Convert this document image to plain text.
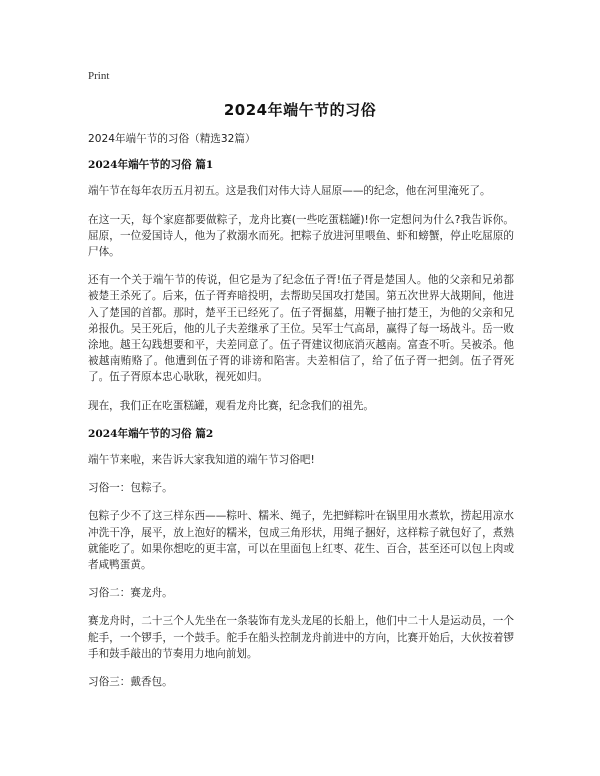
Print
2024年端午节的习俗

2024年端午节的习俗（精选32篇）

2024年端午节的习俗 篇1

端午节在每年农历五月初五。这是我们对伟大诗人屈原——的纪念，他在河里淹死了。

在这一天，每个家庭都要做粽子，龙舟比赛(一些吃蛋糕罐)!你一定想问为什么?我告诉你。屈原，一位爱国诗人，他为了救溺水而死。把粽子放进河里喂鱼、虾和螃蟹，停止吃屈原的尸体。

还有一个关于端午节的传说，但它是为了纪念伍子胥!伍子胥是楚国人。他的父亲和兄弟都被楚王杀死了。后来，伍子胥弃暗投明，去帮助吴国攻打楚国。第五次世界大战期间，他进入了楚国的首都。那时，楚平王已经死了。伍子胥掘墓，用鞭子抽打楚王，为他的父亲和兄弟报仇。吴王死后，他的儿子夫差继承了王位。吴军士气高昂，赢得了每一场战斗。岳一败涂地。越王勾践想要和平，夫差同意了。伍子胥建议彻底消灭越南。富查不听。吴被杀。他被越南贿赂了。他遭到伍子胥的诽谤和陷害。夫差相信了，给了伍子胥一把剑。伍子胥死了。伍子胥原本忠心耿耿，视死如归。

现在，我们正在吃蛋糕罐，观看龙舟比赛，纪念我们的祖先。

2024年端午节的习俗 篇2

端午节来啦，来告诉大家我知道的端午节习俗吧!

习俗一：包粽子。

包粽子少不了这三样东西——粽叶、糯米、绳子，先把鲜粽叶在锅里用水煮软，捞起用凉水冲洗干净，展平，放上泡好的糯米，包成三角形状，用绳子捆好，这样粽子就包好了，煮熟就能吃了。如果你想吃的更丰富，可以在里面包上红枣、花生、百合，甚至还可以包上肉或者咸鸭蛋黄。

习俗二：赛龙舟。

赛龙舟时，二十三个人先坐在一条装饰有龙头龙尾的长船上，他们中二十人是运动员，一个舵手，一个锣手，一个鼓手。舵手在船头控制龙舟前进中的方向，比赛开始后，大伙按着锣手和鼓手敲出的节奏用力地向前划。

习俗三：戴香包。
